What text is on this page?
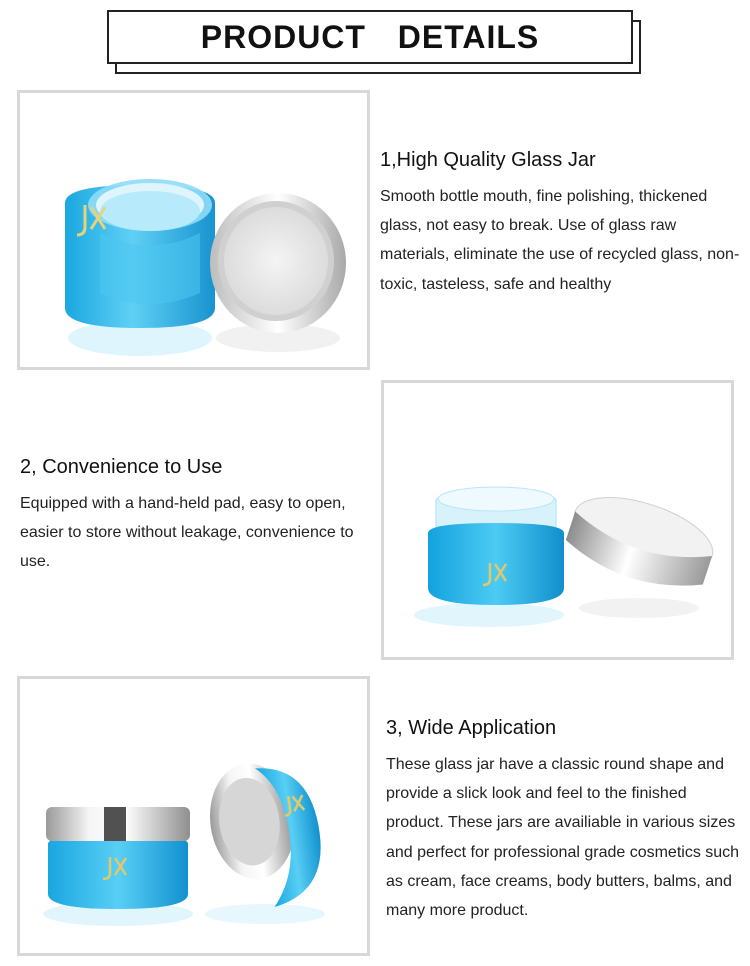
PRODUCT  DETAILS
1,High Quality Glass Jar

Smooth bottle mouth, fine polishing, thickened glass, not easy to break. Use of glass raw materials, eliminate the use of recycled glass, non-toxic, tasteless, safe and healthy

2, Convenience to Use

Equipped with a hand-held pad, easy to open, easier to store without leakage, convenience to use.

3, Wide Application

These glass jar have a classic round shape and provide a slick look and feel to the finished product. These jars are availiable in various sizes and perfect for professional grade cosmetics such as cream, face creams, body butters, balms, and many more product.
